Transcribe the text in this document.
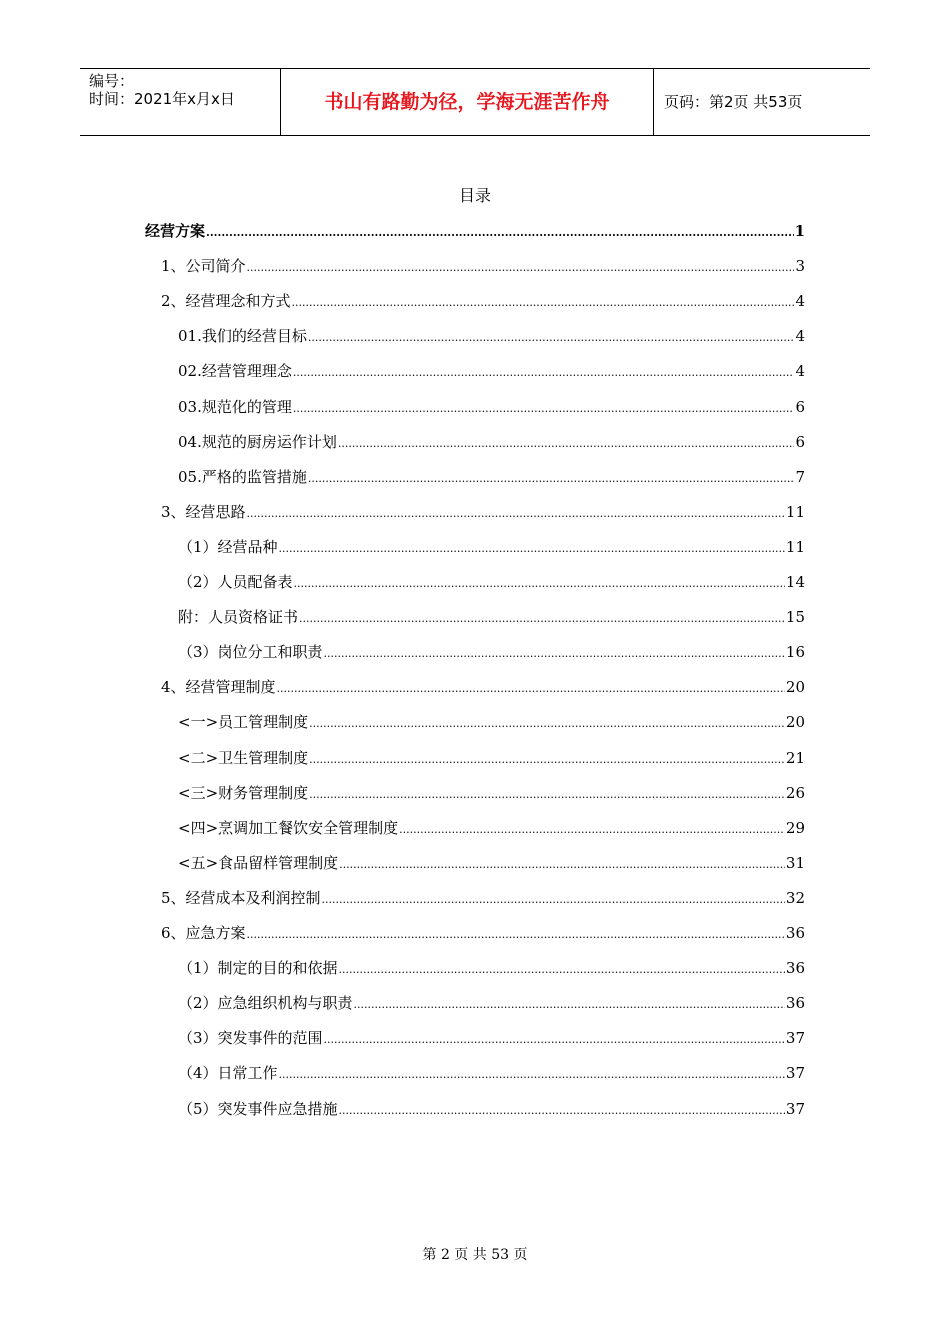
编号：
时间：2021年x月x日	书山有路勤为径，学海无涯苦作舟	页码：第2页 共53页
目录
经营方案 .....	1
1、公司简介 .....	3
2、经营理念和方式 .....	4
01.我们的经营目标 .....	4
02.经营管理理念 .....	4
03.规范化的管理 .....	6
04.规范的厨房运作计划 .....	6
05.严格的监管措施 .....	7
3、经营思路 .....	11
（1）经营品种 .....	11
（2）人员配备表 .....	14
附：人员资格证书 .....	15
（3）岗位分工和职责 .....	16
4、经营管理制度 .....	20
<一>员工管理制度 .....	20
<二>卫生管理制度 .....	21
<三>财务管理制度 .....	26
<四>烹调加工餐饮安全管理制度 .....	29
<五>食品留样管理制度 .....	31
5、经营成本及利润控制 .....	32
6、应急方案 .....	36
（1）制定的目的和依据 .....	36
（2）应急组织机构与职责 .....	36
（3）突发事件的范围 .....	37
（4）日常工作 .....	37
（5）突发事件应急措施 .....	37
第 2 页 共 53 页
